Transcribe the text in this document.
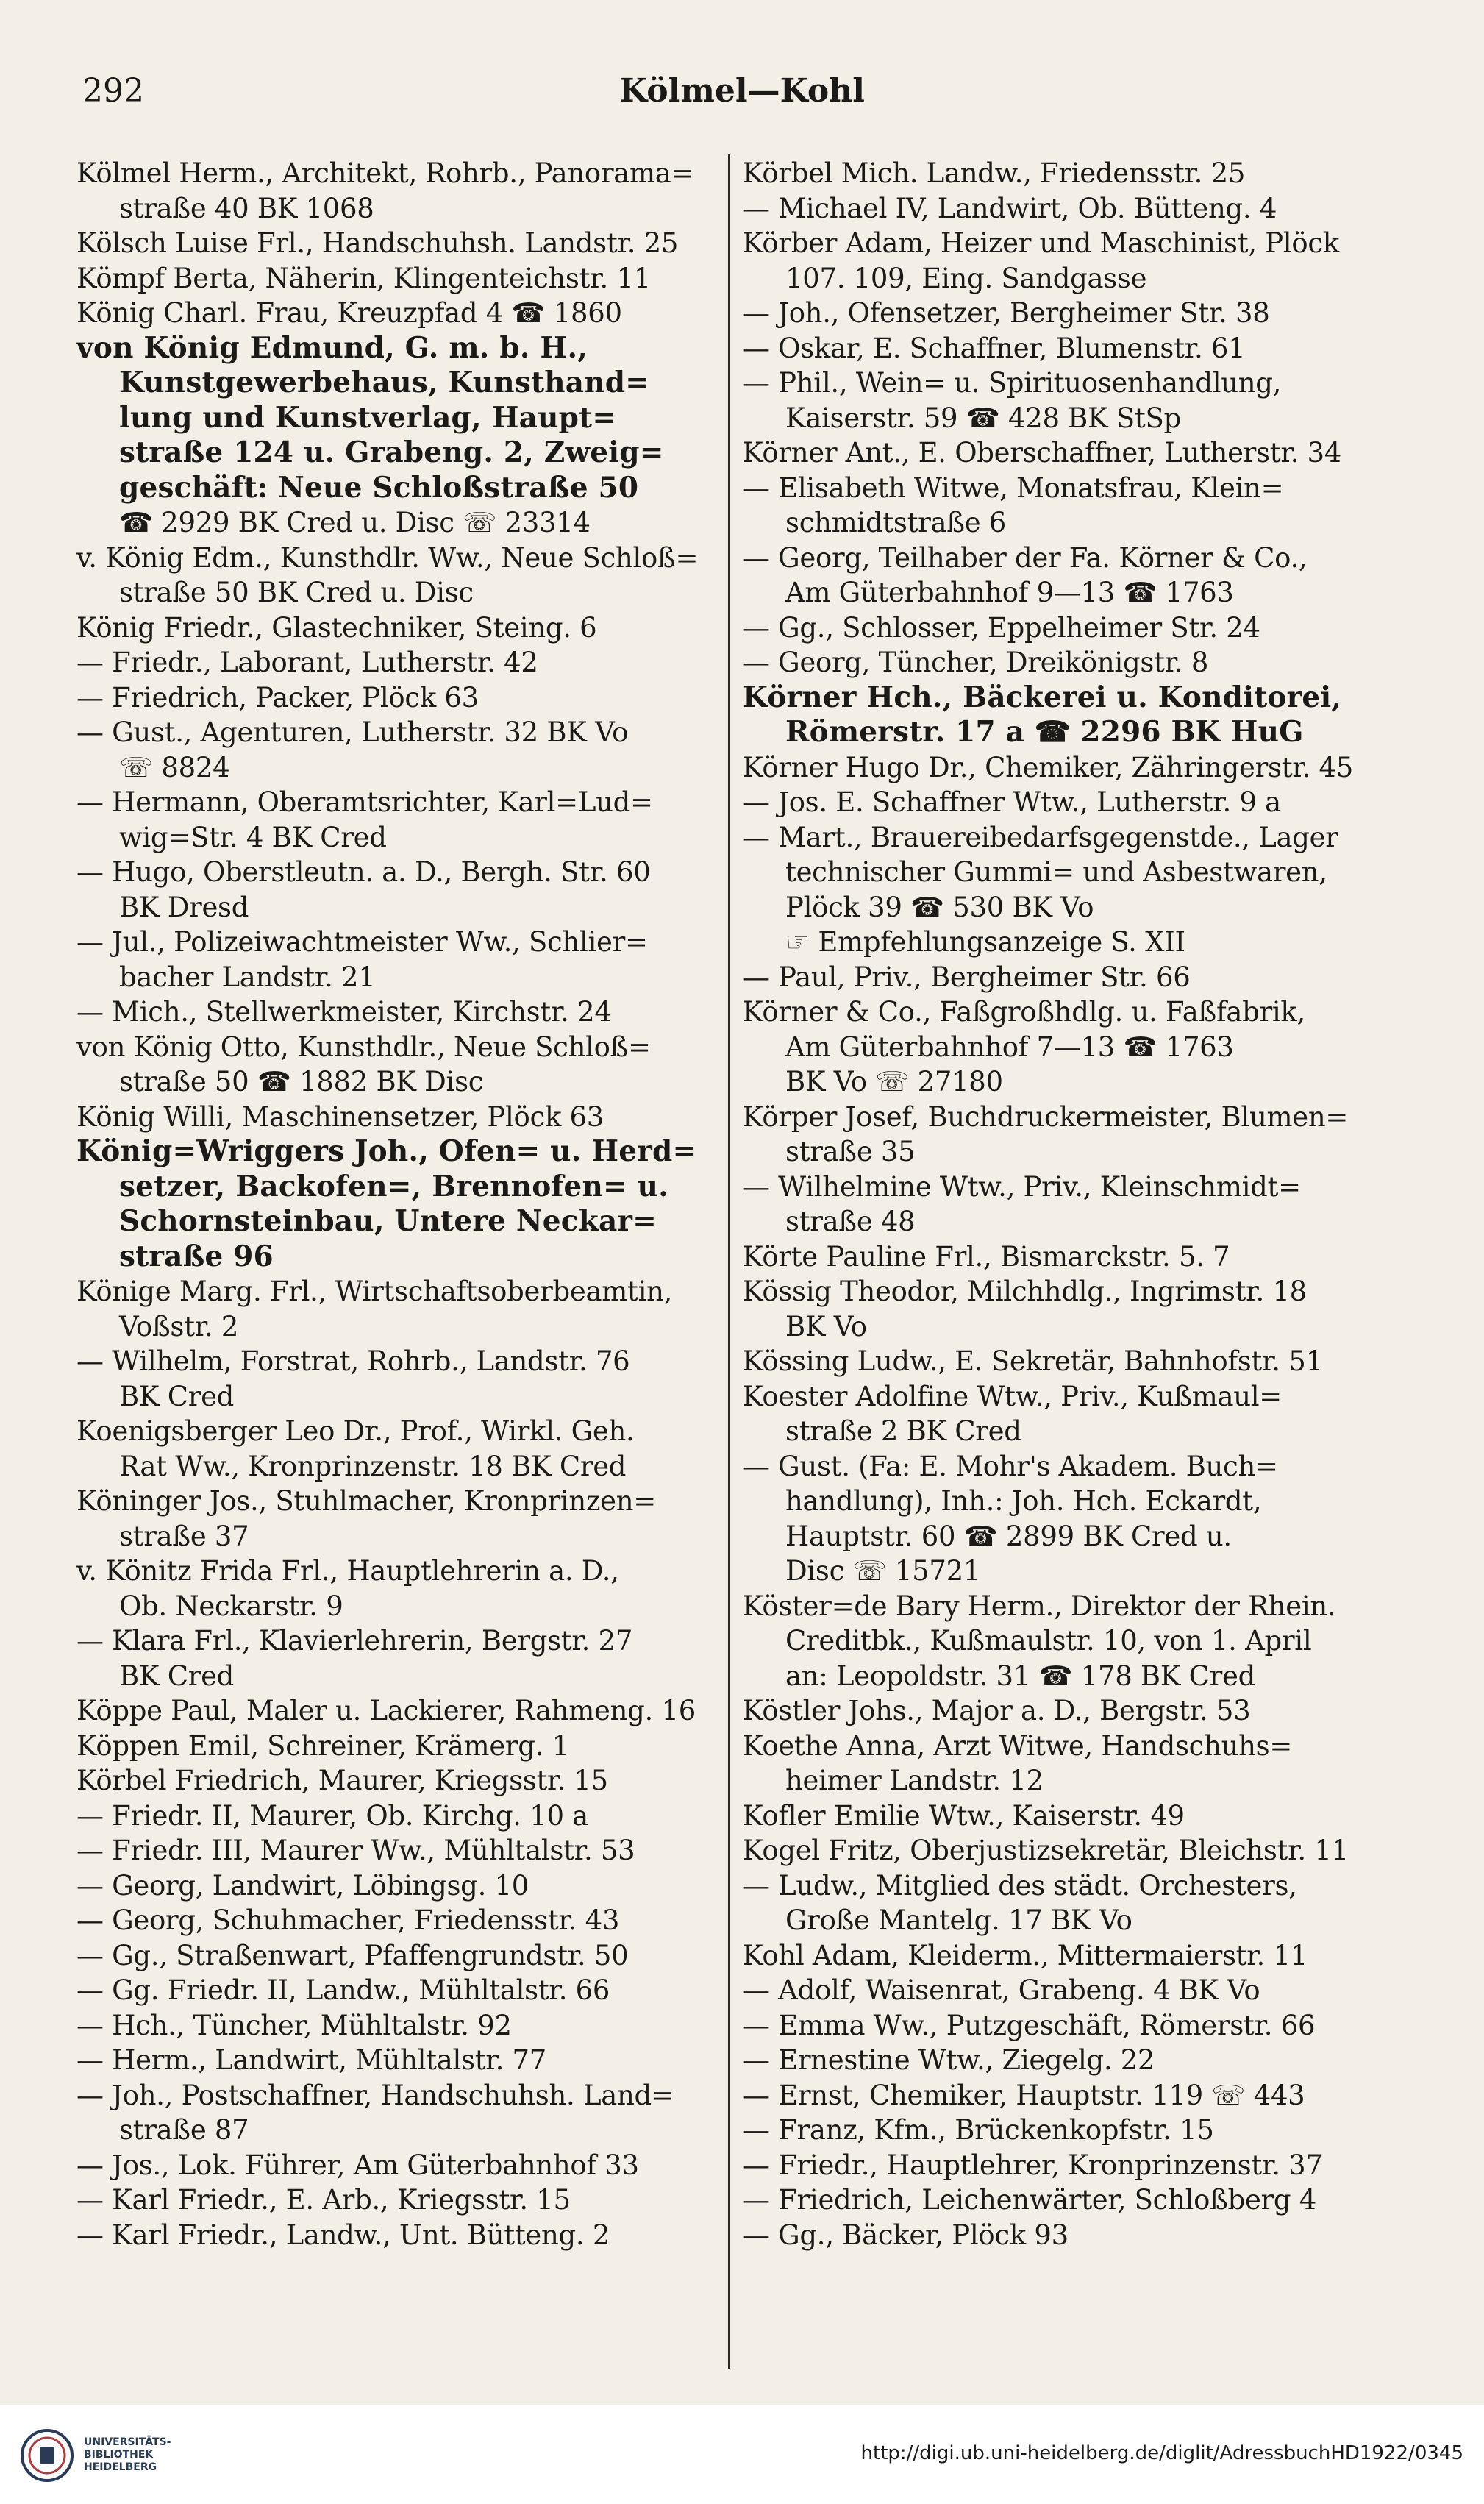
292	Kölmel—Kohl
Kölmel Herm., Architekt, Rohrb., Panorama=
straße 40 BK 1068
Kölsch Luise Frl., Handschuhsh. Landstr. 25
Kömpf Berta, Näherin, Klingenteichstr. 11
König Charl. Frau, Kreuzpfad 4 ☎ 1860
von König Edmund, G. m. b. H.,
Kunstgewerbehaus, Kunsthand=
lung und Kunstverlag, Haupt=
straße 124 u. Grabeng. 2, Zweig=
geschäft: Neue Schloßstraße 50
☎ 2929 BK Cred u. Disc ☏ 23314
v. König Edm., Kunsthdlr. Ww., Neue Schloß=
straße 50 BK Cred u. Disc
König Friedr., Glastechniker, Steing. 6
— Friedr., Laborant, Lutherstr. 42
— Friedrich, Packer, Plöck 63
— Gust., Agenturen, Lutherstr. 32 BK Vo
☏ 8824
— Hermann, Oberamtsrichter, Karl=Lud=
wig=Str. 4 BK Cred
— Hugo, Oberstleutn. a. D., Bergh. Str. 60
BK Dresd
— Jul., Polizeiwachtmeister Ww., Schlier=
bacher Landstr. 21
— Mich., Stellwerkmeister, Kirchstr. 24
von König Otto, Kunsthdlr., Neue Schloß=
straße 50 ☎ 1882 BK Disc
König Willi, Maschinensetzer, Plöck 63
König=Wriggers Joh., Ofen= u. Herd=
setzer, Backofen=, Brennofen= u.
Schornsteinbau, Untere Neckar=
straße 96
Könige Marg. Frl., Wirtschaftsoberbeamtin,
Voßstr. 2
— Wilhelm, Forstrat, Rohrb., Landstr. 76
BK Cred
Koenigsberger Leo Dr., Prof., Wirkl. Geh.
Rat Ww., Kronprinzenstr. 18 BK Cred
Köninger Jos., Stuhlmacher, Kronprinzen=
straße 37
v. Könitz Frida Frl., Hauptlehrerin a. D.,
Ob. Neckarstr. 9
— Klara Frl., Klavierlehrerin, Bergstr. 27
BK Cred
Köppe Paul, Maler u. Lackierer, Rahmeng. 16
Köppen Emil, Schreiner, Krämerg. 1
Körbel Friedrich, Maurer, Kriegsstr. 15
— Friedr. II, Maurer, Ob. Kirchg. 10 a
— Friedr. III, Maurer Ww., Mühltalstr. 53
— Georg, Landwirt, Löbingsg. 10
— Georg, Schuhmacher, Friedensstr. 43
— Gg., Straßenwart, Pfaffengrundstr. 50
— Gg. Friedr. II, Landw., Mühltalstr. 66
— Hch., Tüncher, Mühltalstr. 92
— Herm., Landwirt, Mühltalstr. 77
— Joh., Postschaffner, Handschuhsh. Land=
straße 87
— Jos., Lok. Führer, Am Güterbahnhof 33
— Karl Friedr., E. Arb., Kriegsstr. 15
— Karl Friedr., Landw., Unt. Bütteng. 2
Körbel Mich. Landw., Friedensstr. 25
— Michael IV, Landwirt, Ob. Bütteng. 4
Körber Adam, Heizer und Maschinist, Plöck
107. 109, Eing. Sandgasse
— Joh., Ofensetzer, Bergheimer Str. 38
— Oskar, E. Schaffner, Blumenstr. 61
— Phil., Wein= u. Spirituosenhandlung,
Kaiserstr. 59 ☎ 428 BK StSp
Körner Ant., E. Oberschaffner, Lutherstr. 34
— Elisabeth Witwe, Monatsfrau, Klein=
schmidtstraße 6
— Georg, Teilhaber der Fa. Körner & Co.,
Am Güterbahnhof 9—13 ☎ 1763
— Gg., Schlosser, Eppelheimer Str. 24
— Georg, Tüncher, Dreikönigstr. 8
Körner Hch., Bäckerei u. Konditorei,
Römerstr. 17 a ☎ 2296 BK HuG
Körner Hugo Dr., Chemiker, Zähringerstr. 45
— Jos. E. Schaffner Wtw., Lutherstr. 9 a
— Mart., Brauereibedarfsgegenstde., Lager
technischer Gummi= und Asbestwaren,
Plöck 39 ☎ 530 BK Vo
☞ Empfehlungsanzeige S. XII
— Paul, Priv., Bergheimer Str. 66
Körner & Co., Faßgroßhdlg. u. Faßfabrik,
Am Güterbahnhof 7—13 ☎ 1763
BK Vo ☏ 27180
Körper Josef, Buchdruckermeister, Blumen=
straße 35
— Wilhelmine Wtw., Priv., Kleinschmidt=
straße 48
Körte Pauline Frl., Bismarckstr. 5. 7
Kössig Theodor, Milchhdlg., Ingrimstr. 18
BK Vo
Kössing Ludw., E. Sekretär, Bahnhofstr. 51
Koester Adolfine Wtw., Priv., Kußmaul=
straße 2 BK Cred
— Gust. (Fa: E. Mohr's Akadem. Buch=
handlung), Inh.: Joh. Hch. Eckardt,
Hauptstr. 60 ☎ 2899 BK Cred u.
Disc ☏ 15721
Köster=de Bary Herm., Direktor der Rhein.
Creditbk., Kußmaulstr. 10, von 1. April
an: Leopoldstr. 31 ☎ 178 BK Cred
Köstler Johs., Major a. D., Bergstr. 53
Koethe Anna, Arzt Witwe, Handschuhs=
heimer Landstr. 12
Kofler Emilie Wtw., Kaiserstr. 49
Kogel Fritz, Oberjustizsekretär, Bleichstr. 11
— Ludw., Mitglied des städt. Orchesters,
Große Mantelg. 17 BK Vo
Kohl Adam, Kleiderm., Mittermaierstr. 11
— Adolf, Waisenrat, Grabeng. 4 BK Vo
— Emma Ww., Putzgeschäft, Römerstr. 66
— Ernestine Wtw., Ziegelg. 22
— Ernst, Chemiker, Hauptstr. 119 ☏ 443
— Franz, Kfm., Brückenkopfstr. 15
— Friedr., Hauptlehrer, Kronprinzenstr. 37
— Friedrich, Leichenwärter, Schloßberg 4
— Gg., Bäcker, Plöck 93
UNIVERSITÄTS-
BIBLIOTHEK
HEIDELBERG
http://digi.ub.uni-heidelberg.de/diglit/AdressbuchHD1922/0345
